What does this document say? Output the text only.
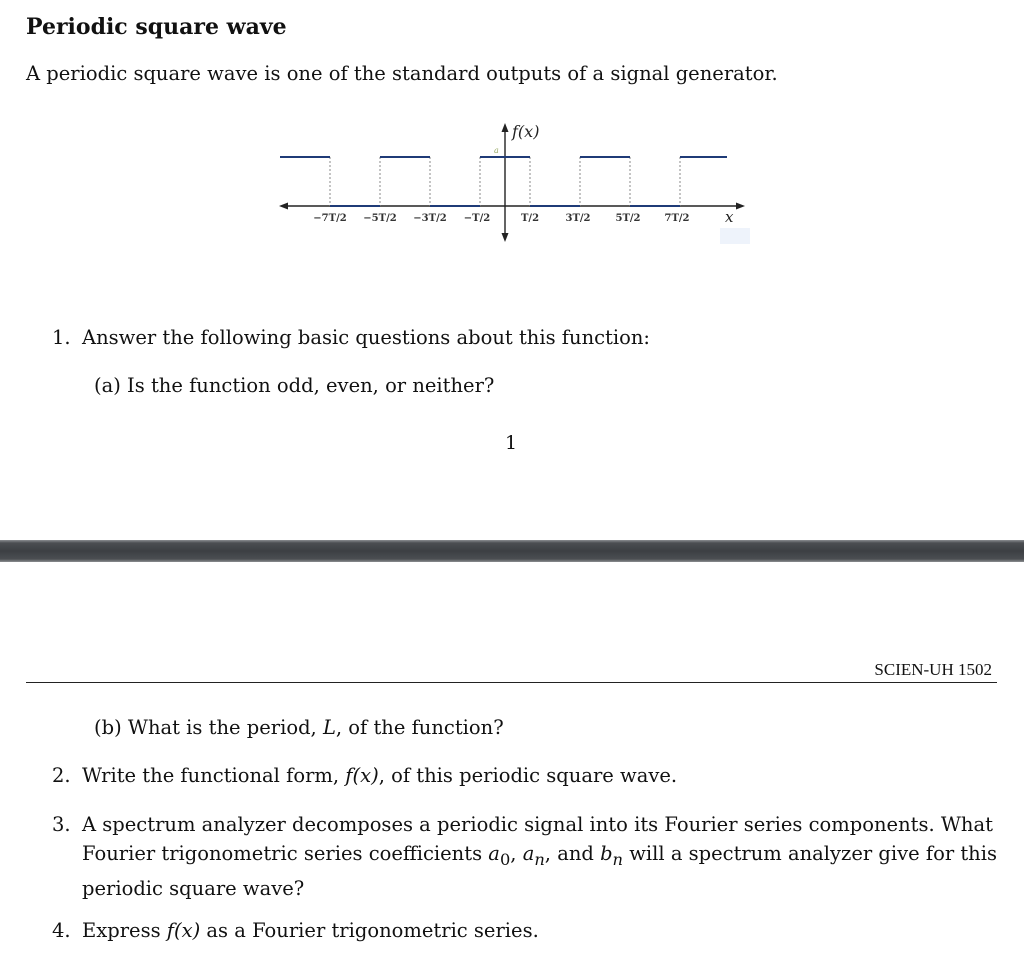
Periodic square wave
A periodic square wave is one of the standard outputs of a signal generator.
f(x)
a
x
−7T/2 −5T/2 −3T/2 −T/2	T/2	3T/2 5T/2 7T/2
1. Answer the following basic questions about this function:
(a) Is the function odd, even, or neither?
1
SCIEN-UH 1502
(b) What is the period, L, of the function?
2. Write the functional form, f(x), of this periodic square wave.
3. A spectrum analyzer decomposes a periodic signal into its Fourier series components. What
Fourier trigonometric series coefficients $a_0$, $a_n$, and $b_n$ will a spectrum analyzer give for this
periodic square wave?
4. Express f(x) as a Fourier trigonometric series.
